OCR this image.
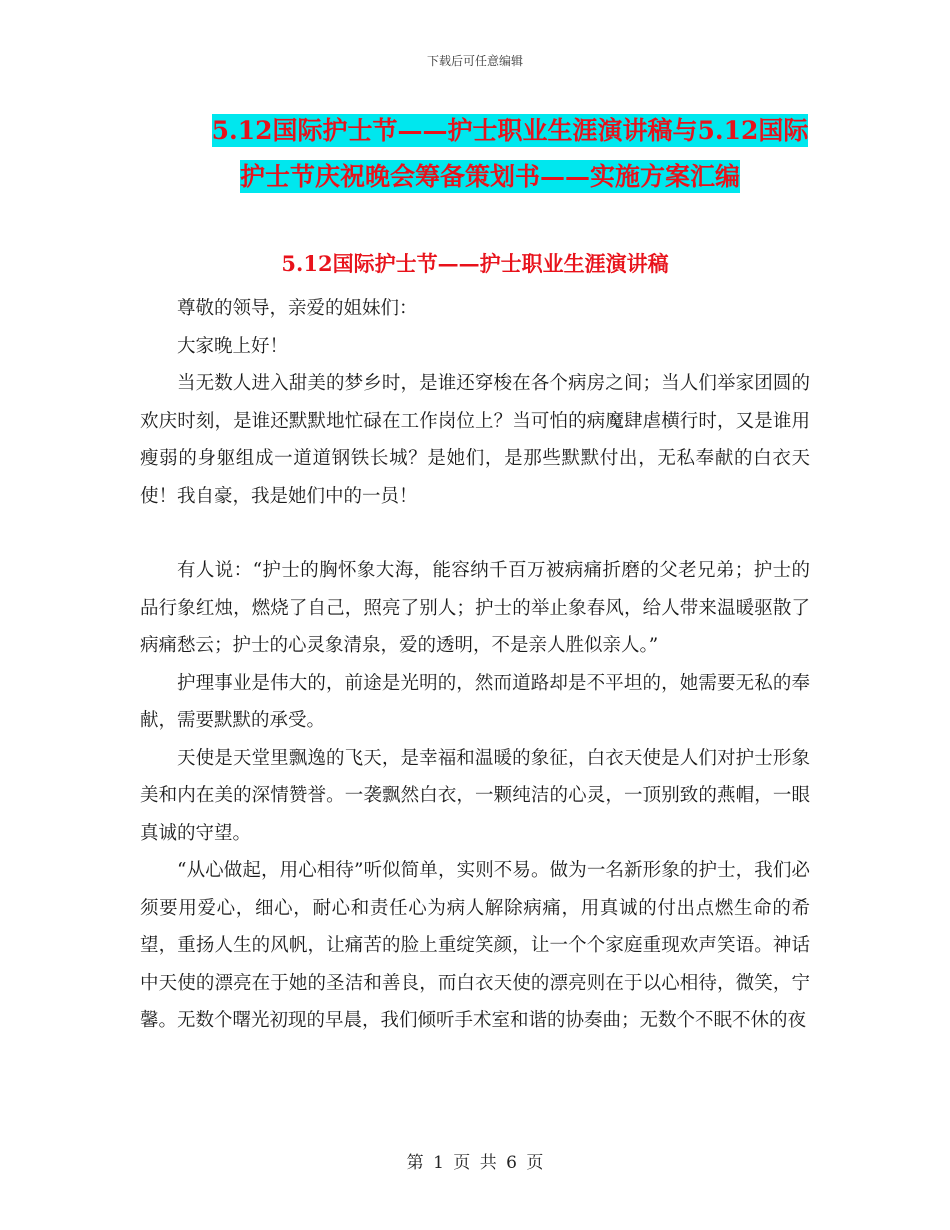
下载后可任意编辑
5.12国际护士节——护士职业生涯演讲稿与5.12国际
护士节庆祝晚会筹备策划书——实施方案汇编
5.12国际护士节——护士职业生涯演讲稿

尊敬的领导，亲爱的姐妹们：

大家晚上好！

当无数人进入甜美的梦乡时，是谁还穿梭在各个病房之间；当人们举家团圆的欢庆时刻，是谁还默默地忙碌在工作岗位上？当可怕的病魔肆虐横行时，又是谁用瘦弱的身躯组成一道道钢铁长城？是她们，是那些默默付出，无私奉献的白衣天使！我自豪，我是她们中的一员！

有人说：“护士的胸怀象大海，能容纳千百万被病痛折磨的父老兄弟；护士的品行象红烛，燃烧了自己，照亮了别人；护士的举止象春风，给人带来温暖驱散了病痛愁云；护士的心灵象清泉，爱的透明，不是亲人胜似亲人。”

护理事业是伟大的，前途是光明的，然而道路却是不平坦的，她需要无私的奉献，需要默默的承受。

天使是天堂里飘逸的飞天，是幸福和温暖的象征，白衣天使是人们对护士形象美和内在美的深情赞誉。一袭飘然白衣，一颗纯洁的心灵，一顶别致的燕帽，一眼真诚的守望。

“从心做起，用心相待”听似简单，实则不易。做为一名新形象的护士，我们必须要用爱心，细心，耐心和责任心为病人解除病痛，用真诚的付出点燃生命的希望，重扬人生的风帆，让痛苦的脸上重绽笑颜，让一个个家庭重现欢声笑语。神话中天使的漂亮在于她的圣洁和善良，而白衣天使的漂亮则在于以心相待，微笑，宁馨。无数个曙光初现的早晨，我们倾听手术室和谐的协奏曲；无数个不眠不休的夜

第 1 页 共 6 页
